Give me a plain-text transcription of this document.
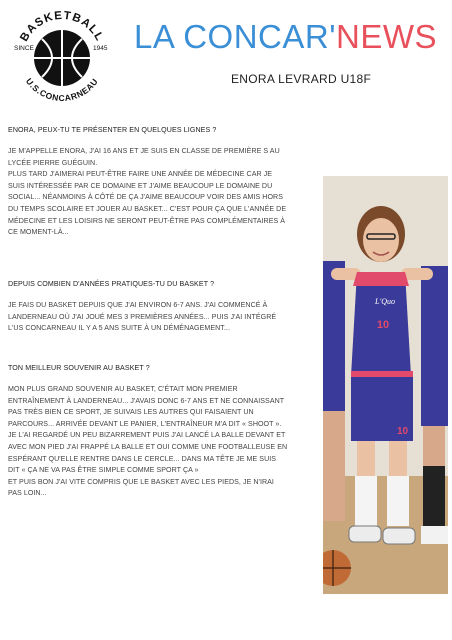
BASKETBALL
U.S.CONCARNEAU
SINCE	1945 LA CONCAR'NEWS
ENORA LEVRARD U18F
ENORA, PEUX-TU TE PRÉSENTER EN QUELQUES LIGNES ?
JE M'APPELLE ENORA, J'AI 16 ANS ET JE SUIS EN CLASSE DE PREMIÈRE S AU
LYCÉE PIERRE GUÉGUIN.
PLUS TARD J'AIMERAI PEUT-ÊTRE FAIRE UNE ANNÉE DE MÉDECINE CAR JE
SUIS INTÉRESSÉE PAR CE DOMAINE ET J'AIME BEAUCOUP LE DOMAINE DU
SOCIAL... NÉANMOINS À CÔTÉ DE ÇA J'AIME BEAUCOUP VOIR DES AMIS HORS
DU TEMPS SCOLAIRE ET JOUER AU BASKET... C'EST POUR ÇA QUE L'ANNÉE DE
MÉDECINE ET LES LOISIRS NE SERONT PEUT-ÊTRE PAS COMPLÉMENTAIRES À
CE MOMENT-LÀ...
DEPUIS COMBIEN D'ANNÉES PRATIQUES-TU DU BASKET ?
JE FAIS DU BASKET DEPUIS QUE J'AI ENVIRON 6-7 ANS. J'AI COMMENCÉ À
LANDERNEAU OÙ J'AI JOUÉ MES 3 PREMIÈRES ANNÉES... PUIS J'AI INTÉGRÉ
L'US CONCARNEAU IL Y A 5 ANS SUITE À UN DÉMÉNAGEMENT...
TON MEILLEUR SOUVENIR AU BASKET ?
MON PLUS GRAND SOUVENIR AU BASKET, C'ÉTAIT MON PREMIER
ENTRAÎNEMENT À LANDERNEAU... J'AVAIS DONC 6-7 ANS ET NE CONNAISSANT
PAS TRÈS BIEN CE SPORT, JE SUIVAIS LES AUTRES QUI FAISAIENT UN
PARCOURS... ARRIVÉE DEVANT LE PANIER, L'ENTRAÎNEUR M'A DIT « SHOOT ».
JE L'AI REGARDÉ UN PEU BIZARREMENT PUIS J'AI LANCÉ LA BALLE DEVANT ET
AVEC MON PIED J'AI FRAPPÉ LA BALLE ET OUI COMME UNE FOOTBALLEUSE EN
ESPÉRANT QU'ELLE RENTRE DANS LE CERCLE... DANS MA TÊTE JE ME SUIS
DIT « ÇA NE VA PAS ÊTRE SIMPLE COMME SPORT ÇA »
ET PUIS BON J'AI VITE COMPRIS QUE LE BASKET AVEC LES PIEDS, JE N'IRAI
PAS LOIN...
10
L'Quo
10
